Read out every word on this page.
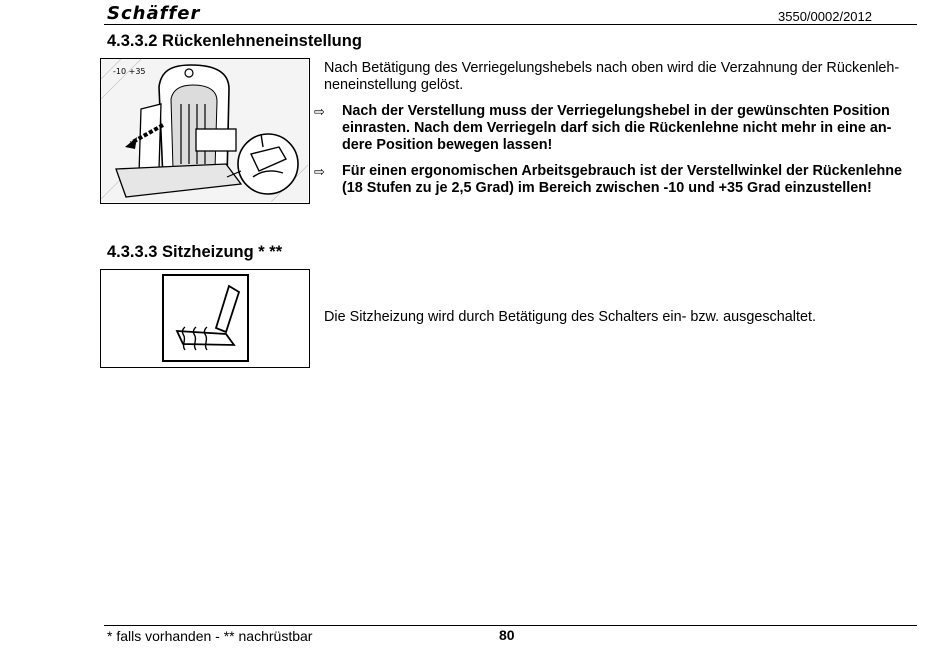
Schäffer	3550/0002/2012
4.3.3.2 Rückenlehneneinstellung
-10 +35	Nach Betätigung des Verriegelungshebels nach oben wird die Verzahnung der Rückenleh-neneinstellung gelöst.
⇨ Nach der Verstellung muss der Verriegelungshebel in der gewünschten Position einrasten. Nach dem Verriegeln darf sich die Rückenlehne nicht mehr in eine an-dere Position bewegen lassen!
⇨ Für einen ergonomischen Arbeitsgebrauch ist der Verstellwinkel der Rückenlehne (18 Stufen zu je 2,5 Grad) im Bereich zwischen -10 und +35 Grad einzustellen!
4.3.3.3 Sitzheizung * **
Die Sitzheizung wird durch Betätigung des Schalters ein- bzw. ausgeschaltet.
* falls vorhanden - ** nachrüstbar	80
